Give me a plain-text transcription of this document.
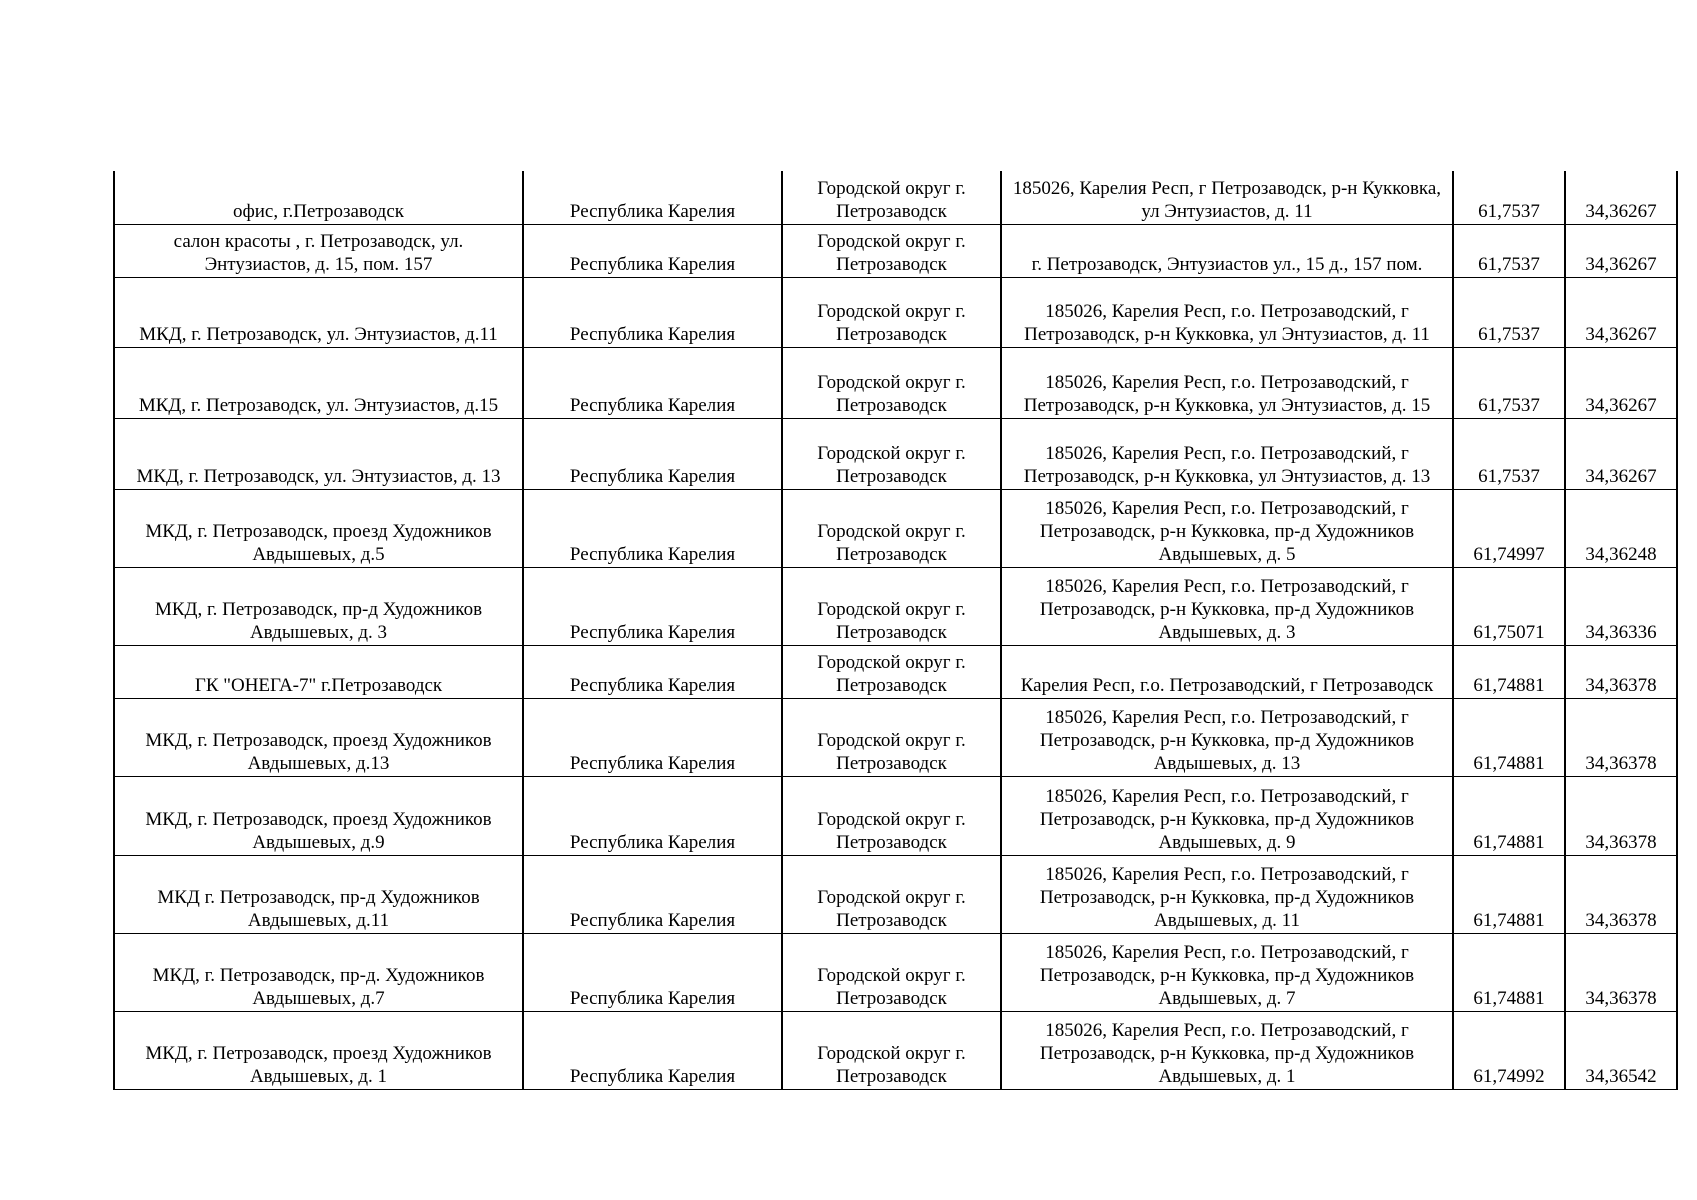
офис, г.Петрозаводск	Республика Карелия	Городской округ г. Петрозаводск	185026, Карелия Респ, г Петрозаводск, р-н Кукковка, ул Энтузиастов, д. 11	61,7537	34,36267
салон красоты , г. Петрозаводск, ул. Энтузиастов, д. 15, пом. 157	Республика Карелия	Городской округ г. Петрозаводск	г. Петрозаводск, Энтузиастов ул., 15 д., 157 пом.	61,7537	34,36267
МКД, г. Петрозаводск, ул. Энтузиастов, д.11	Республика Карелия	Городской округ г. Петрозаводск	185026, Карелия Респ, г.о. Петрозаводский, г Петрозаводск, р-н Кукковка, ул Энтузиастов, д. 11	61,7537	34,36267
МКД, г. Петрозаводск, ул. Энтузиастов, д.15	Республика Карелия	Городской округ г. Петрозаводск	185026, Карелия Респ, г.о. Петрозаводский, г Петрозаводск, р-н Кукковка, ул Энтузиастов, д. 15	61,7537	34,36267
МКД, г. Петрозаводск, ул. Энтузиастов, д. 13	Республика Карелия	Городской округ г. Петрозаводск	185026, Карелия Респ, г.о. Петрозаводский, г Петрозаводск, р-н Кукковка, ул Энтузиастов, д. 13	61,7537	34,36267
МКД, г. Петрозаводск, проезд Художников Авдышевых, д.5	Республика Карелия	Городской округ г. Петрозаводск	185026, Карелия Респ, г.о. Петрозаводский, г Петрозаводск, р-н Кукковка, пр-д Художников Авдышевых, д. 5	61,74997	34,36248
МКД, г. Петрозаводск, пр-д Художников Авдышевых, д. 3	Республика Карелия	Городской округ г. Петрозаводск	185026, Карелия Респ, г.о. Петрозаводский, г Петрозаводск, р-н Кукковка, пр-д Художников Авдышевых, д. 3	61,75071	34,36336
ГК "ОНЕГА-7" г.Петрозаводск	Республика Карелия	Городской округ г. Петрозаводск	Карелия Респ, г.о. Петрозаводский, г Петрозаводск	61,74881	34,36378
МКД, г. Петрозаводск, проезд Художников Авдышевых, д.13	Республика Карелия	Городской округ г. Петрозаводск	185026, Карелия Респ, г.о. Петрозаводский, г Петрозаводск, р-н Кукковка, пр-д Художников Авдышевых, д. 13	61,74881	34,36378
МКД, г. Петрозаводск, проезд Художников Авдышевых, д.9	Республика Карелия	Городской округ г. Петрозаводск	185026, Карелия Респ, г.о. Петрозаводский, г Петрозаводск, р-н Кукковка, пр-д Художников Авдышевых, д. 9	61,74881	34,36378
МКД г. Петрозаводск, пр-д Художников Авдышевых, д.11	Республика Карелия	Городской округ г. Петрозаводск	185026, Карелия Респ, г.о. Петрозаводский, г Петрозаводск, р-н Кукковка, пр-д Художников Авдышевых, д. 11	61,74881	34,36378
МКД, г. Петрозаводск, пр-д. Художников Авдышевых, д.7	Республика Карелия	Городской округ г. Петрозаводск	185026, Карелия Респ, г.о. Петрозаводский, г Петрозаводск, р-н Кукковка, пр-д Художников Авдышевых, д. 7	61,74881	34,36378
МКД, г. Петрозаводск, проезд Художников Авдышевых, д. 1	Республика Карелия	Городской округ г. Петрозаводск	185026, Карелия Респ, г.о. Петрозаводский, г Петрозаводск, р-н Кукковка, пр-д Художников Авдышевых, д. 1	61,74992	34,36542
